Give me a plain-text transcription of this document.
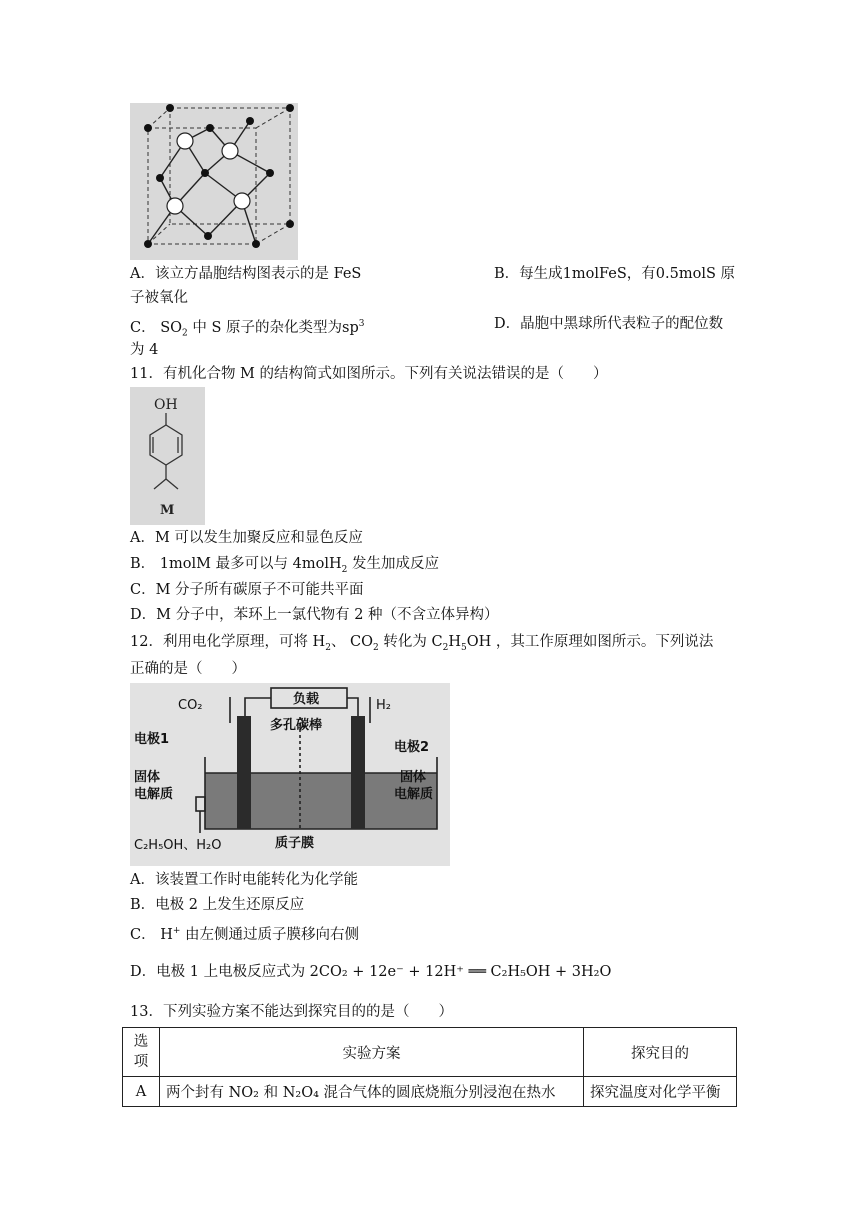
A．该立方晶胞结构图表示的是 FeS	B．每生成1molFeS，有0.5molS 原
子被氧化
C． $SO_2$ 中 S 原子的杂化类型为$sp^3$	D．晶胞中黑球所代表粒子的配位数
为 4
11．有机化合物 M 的结构简式如图所示。下列有关说法错误的是（　　）
OH
M
A．M 可以发生加聚反应和显色反应
B． 1molM 最多可以与 4molH$_2$ 发生加成反应
C．M 分子所有碳原子不可能共平面
D．M 分子中，苯环上一氯代物有 2 种（不含立体异构）
12．利用电化学原理，可将 $H_2$、 $CO_2$ 转化为 $C_2H_5OH$ ，其工作原理如图所示。下列说法
正确的是（　　）
CO₂	负载	H₂
多孔碳棒
电极1
电极2
固体
电解质
固体
电解质
质子膜
C₂H₅OH、H₂O
A．该装置工作时电能转化为化学能
B．电极 2 上发生还原反应
C． H+ 由左侧通过质子膜移向右侧
D．电极 1 上电极反应式为 2CO₂ + 12e⁻ + 12H⁺ ══ C₂H₅OH + 3H₂O
13．下列实验方案不能达到探究目的的是（　　）
选项	实验方案	探究目的
A	两个封有 NO₂ 和 N₂O₄ 混合气体的圆底烧瓶分别浸泡在热水	探究温度对化学平衡
